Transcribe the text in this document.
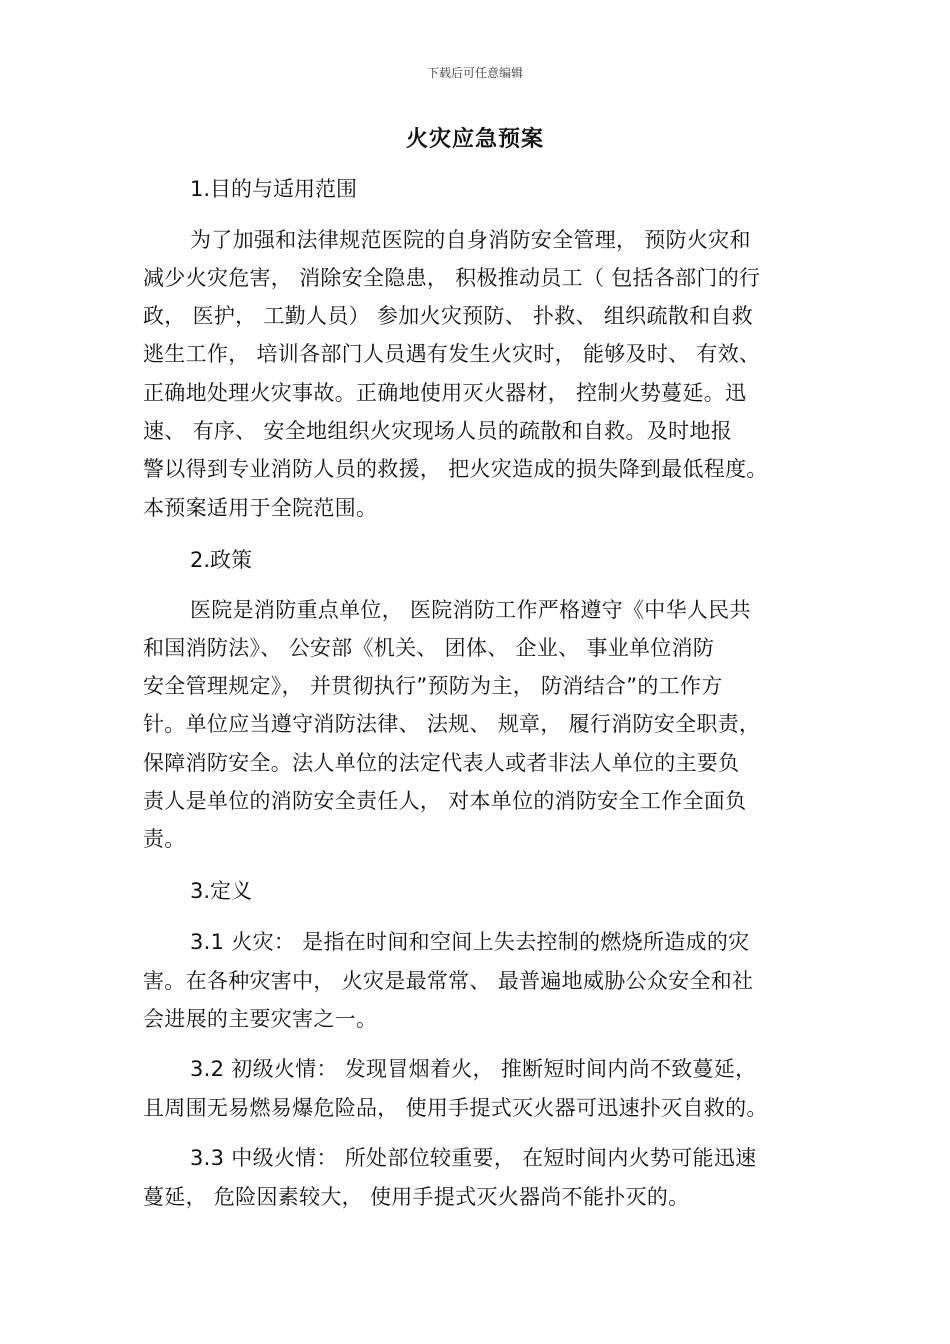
下载后可任意编辑
火灾应急预案
1.目的与适用范围
为了加强和法律规范医院的自身消防安全管理， 预防火灾和
减少火灾危害， 消除安全隐患， 积极推动员工（ 包括各部门的行
政， 医护， 工勤人员） 参加火灾预防、 扑救、 组织疏散和自救
逃生工作， 培训各部门人员遇有发生火灾时， 能够及时、 有效、
正确地处理火灾事故。正确地使用灭火器材， 控制火势蔓延。迅
速、 有序、 安全地组织火灾现场人员的疏散和自救。及时地报
警以得到专业消防人员的救援， 把火灾造成的损失降到最低程度。
本预案适用于全院范围。
2.政策
医院是消防重点单位， 医院消防工作严格遵守《中华人民共
和国消防法》、 公安部《机关、 团体、 企业、 事业单位消防
安全管理规定》， 并贯彻执行”预防为主， 防消结合”的工作方
针。单位应当遵守消防法律、 法规、 规章， 履行消防安全职责，
保障消防安全。法人单位的法定代表人或者非法人单位的主要负
责人是单位的消防安全责任人， 对本单位的消防安全工作全面负
责。
3.定义
3.1 火灾： 是指在时间和空间上失去控制的燃烧所造成的灾
害。在各种灾害中， 火灾是最常常、 最普遍地威胁公众安全和社
会进展的主要灾害之一。
3.2 初级火情： 发现冒烟着火， 推断短时间内尚不致蔓延，
且周围无易燃易爆危险品， 使用手提式灭火器可迅速扑灭自救的。
3.3 中级火情： 所处部位较重要， 在短时间内火势可能迅速
蔓延， 危险因素较大， 使用手提式灭火器尚不能扑灭的。
